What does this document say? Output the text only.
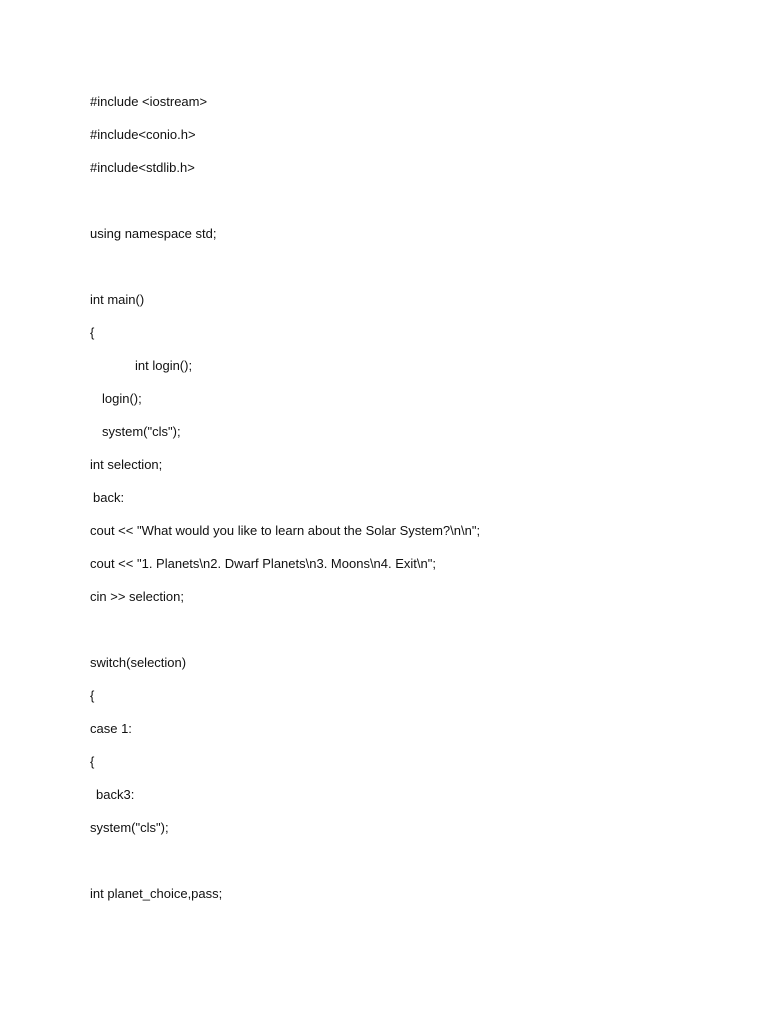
#include <iostream>
#include<conio.h>
#include<stdlib.h>
using namespace std;
int main()
{
int login();
login();
system("cls");
int selection;
back:
cout << "What would you like to learn about the Solar System?\n\n";
cout << "1. Planets\n2. Dwarf Planets\n3. Moons\n4. Exit\n";
cin >> selection;
switch(selection)
{
case 1:
{
back3:
system("cls");
int planet_choice,pass;
